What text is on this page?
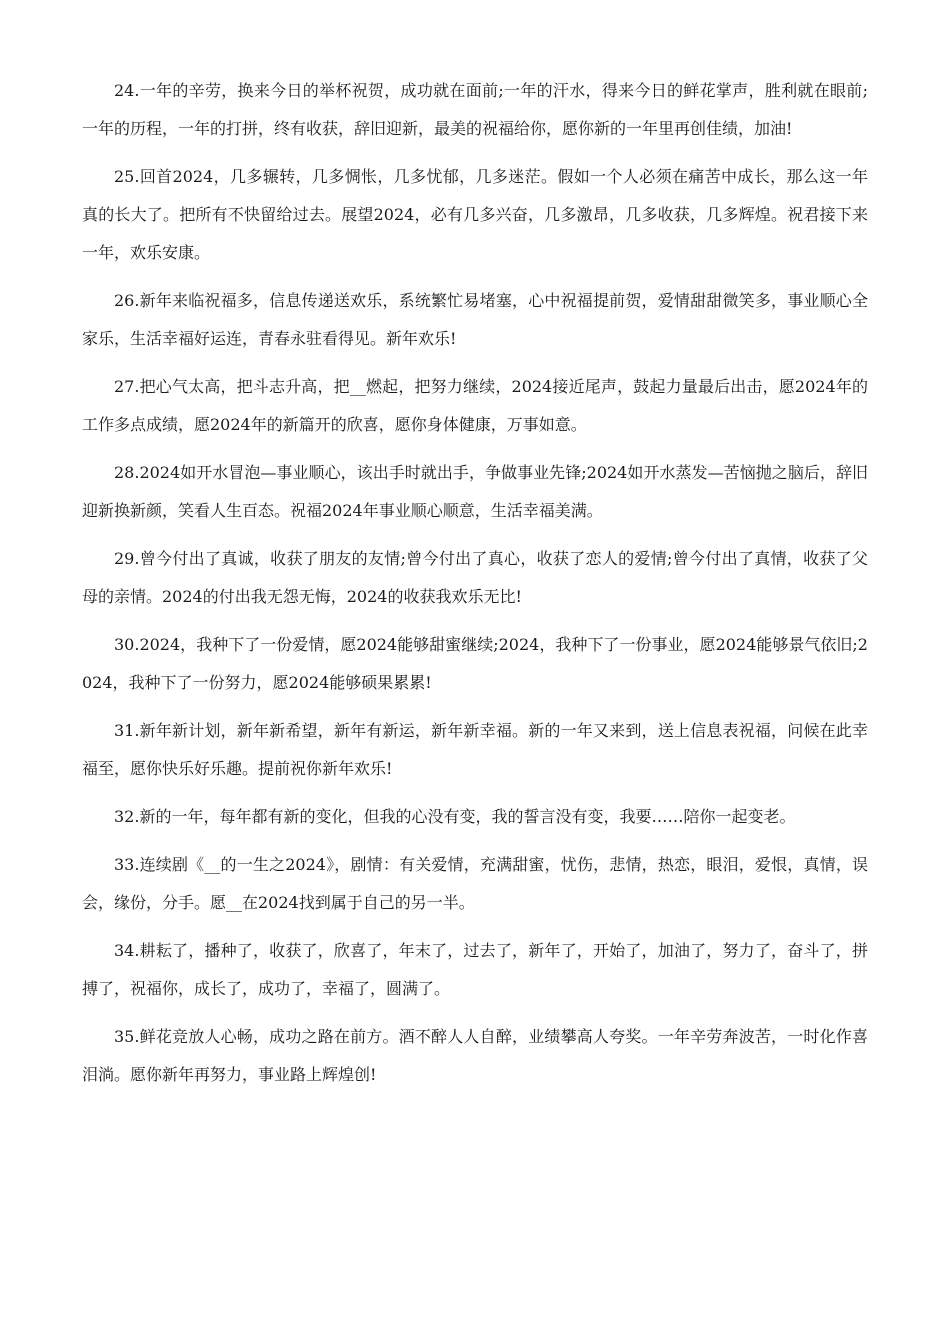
24.一年的辛劳，换来今日的举杯祝贺，成功就在面前;一年的汗水，得来今日的鲜花掌声，胜利就在眼前;一年的历程，一年的打拼，终有收获，辞旧迎新，最美的祝福给你，愿你新的一年里再创佳绩，加油!

25.回首2024，几多辗转，几多惆怅，几多忧郁，几多迷茫。假如一个人必须在痛苦中成长，那么这一年真的长大了。把所有不快留给过去。展望2024，必有几多兴奋，几多激昂，几多收获，几多辉煌。祝君接下来一年，欢乐安康。

26.新年来临祝福多，信息传递送欢乐，系统繁忙易堵塞，心中祝福提前贺，爱情甜甜微笑多，事业顺心全家乐，生活幸福好运连，青春永驻看得见。新年欢乐!

27.把心气太高，把斗志升高，把__燃起，把努力继续，2024接近尾声，鼓起力量最后出击，愿2024年的工作多点成绩，愿2024年的新篇开的欣喜，愿你身体健康，万事如意。

28.2024如开水冒泡—事业顺心，该出手时就出手，争做事业先锋;2024如开水蒸发—苦恼抛之脑后，辞旧迎新换新颜，笑看人生百态。祝福2024年事业顺心顺意，生活幸福美满。

29.曾今付出了真诚，收获了朋友的友情;曾今付出了真心，收获了恋人的爱情;曾今付出了真情，收获了父母的亲情。2024的付出我无怨无悔，2024的收获我欢乐无比!

30.2024，我种下了一份爱情，愿2024能够甜蜜继续;2024，我种下了一份事业，愿2024能够景气依旧;2024，我种下了一份努力，愿2024能够硕果累累!

31.新年新计划，新年新希望，新年有新运，新年新幸福。新的一年又来到，送上信息表祝福，问候在此幸福至，愿你快乐好乐趣。提前祝你新年欢乐!

32.新的一年，每年都有新的变化，但我的心没有变，我的誓言没有变，我要……陪你一起变老。

33.连续剧《__的一生之2024》，剧情：有关爱情，充满甜蜜，忧伤，悲情，热恋，眼泪，爱恨，真情，误会，缘份，分手。愿__在2024找到属于自己的另一半。

34.耕耘了，播种了，收获了，欣喜了，年末了，过去了，新年了，开始了，加油了，努力了，奋斗了，拼搏了，祝福你，成长了，成功了，幸福了，圆满了。

35.鲜花竞放人心畅，成功之路在前方。酒不醉人人自醉，业绩攀高人夸奖。一年辛劳奔波苦，一时化作喜泪淌。愿你新年再努力，事业路上辉煌创!
